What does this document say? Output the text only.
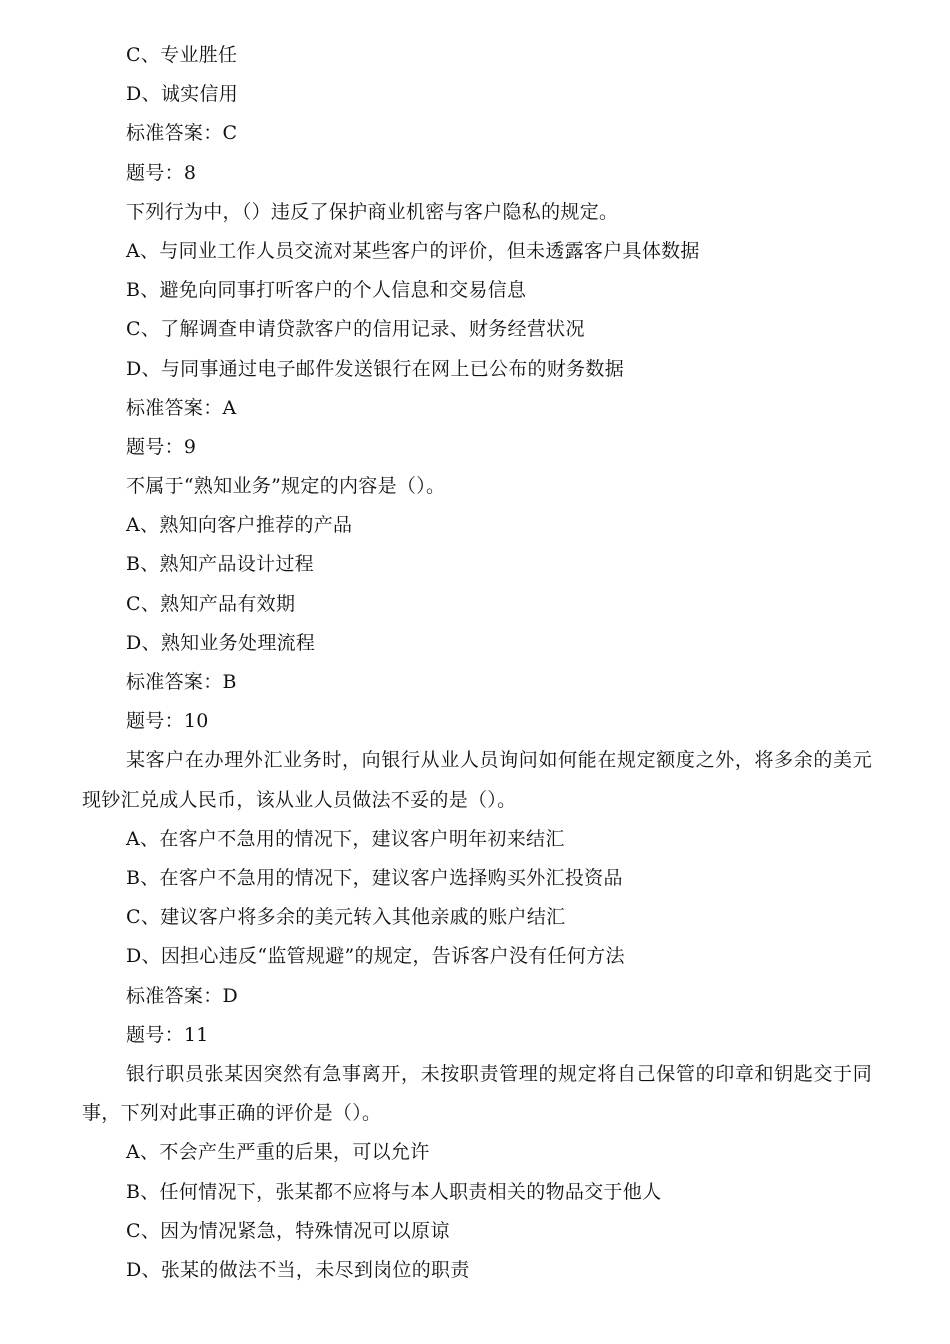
C、专业胜任
D、诚实信用
标准答案：C
题号：8
下列行为中，（）违反了保护商业机密与客户隐私的规定。
A、与同业工作人员交流对某些客户的评价，但未透露客户具体数据
B、避免向同事打听客户的个人信息和交易信息
C、了解调查申请贷款客户的信用记录、财务经营状况
D、与同事通过电子邮件发送银行在网上已公布的财务数据
标准答案：A
题号：9
不属于“熟知业务”规定的内容是（）。
A、熟知向客户推荐的产品
B、熟知产品设计过程
C、熟知产品有效期
D、熟知业务处理流程
标准答案：B
题号：10
某客户在办理外汇业务时，向银行从业人员询问如何能在规定额度之外，将多余的美元现钞汇兑成人民币，该从业人员做法不妥的是（）。
A、在客户不急用的情况下，建议客户明年初来结汇
B、在客户不急用的情况下，建议客户选择购买外汇投资品
C、建议客户将多余的美元转入其他亲戚的账户结汇
D、因担心违反“监管规避”的规定，告诉客户没有任何方法
标准答案：D
题号：11
银行职员张某因突然有急事离开，未按职责管理的规定将自己保管的印章和钥匙交于同事，下列对此事正确的评价是（）。
A、不会产生严重的后果，可以允许
B、任何情况下，张某都不应将与本人职责相关的物品交于他人
C、因为情况紧急，特殊情况可以原谅
D、张某的做法不当，未尽到岗位的职责
